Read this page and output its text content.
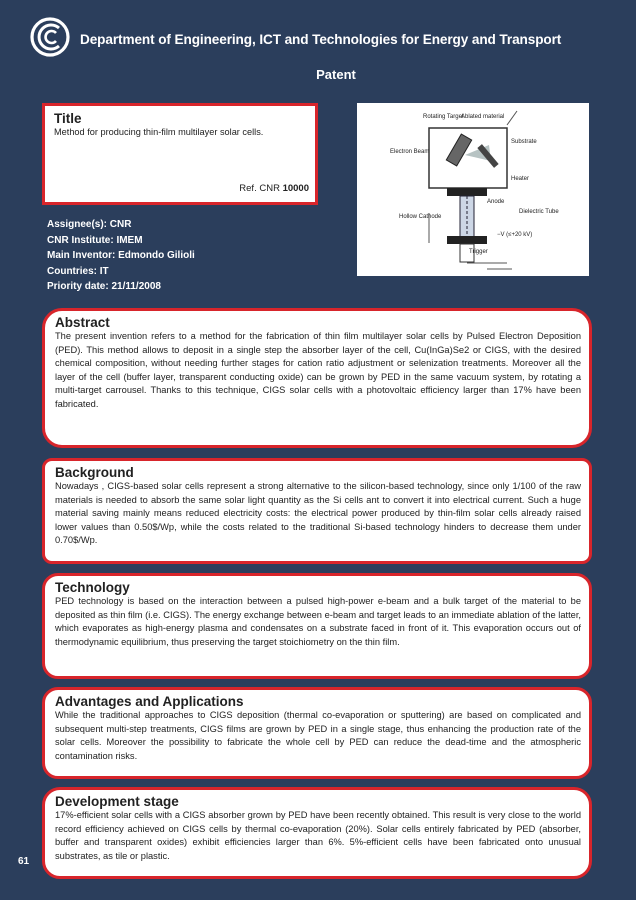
Department of Engineering, ICT and Technologies for Energy and Transport
Patent
Title
Method for producing thin-film multilayer solar cells.
Ref. CNR 10000
Rotating Target
Ablated material
Substrate
Electron Beam
Heater
Anode
Hollow Cathode
Dielectric Tube
−V (≤+20 kV)
Trigger
Assignee(s): CNR
CNR Institute: IMEM
Main Inventor: Edmondo Gilioli
Countries: IT
Priority date: 21/11/2008
Abstract
The present invention refers to a method for the fabrication of thin film multilayer solar cells by Pulsed Electron Deposition (PED). This method allows to deposit in a single step the absorber layer of the cell, Cu(InGa)Se2 or CIGS, with the desired chemical composition, without needing further stages for cation ratio adjustment or selenization treatments. Moreover all the layer of the cell (buffer layer, transparent conducting oxide) can be grown by PED in the same vacuum system, by rotating a multi-target carrousel. Thanks to this technique, CIGS solar cells with a photovoltaic efficiency larger than 17% have been fabricated.
Background
Nowadays , CIGS-based solar cells represent a strong alternative to the silicon-based technology, since only 1/100 of the raw materials is needed to absorb the same solar light quantity as the Si cells ant to convert it into electrical current. Such a huge material saving mainly means reduced electricity costs: the electrical power produced by thin-film solar cells already raised lower values than 0.50$/Wp, while the costs related to the traditional Si-based technology hinders to decrease them under 0.70$/Wp.
Technology
PED technology is based on the interaction between a pulsed high-power e-beam and a bulk target of the material to be deposited as thin film (i.e. CIGS). The energy exchange between e-beam and target leads to an immediate ablation of the latter, which evaporates as high-energy plasma and condensates on a substrate faced in front of it. This evaporation occurs out of thermodynamic equilibrium, thus preserving the target stoichiometry on the thin film.
Advantages and Applications
While the traditional approaches to CIGS deposition (thermal co-evaporation or sputtering) are based on complicated and subsequent multi-step treatments, CIGS films are grown by PED in a single stage, thus enhancing the production rate of the solar cells. Moreover the possibility to fabricate the whole cell by PED can reduce the dead-time and the atmospheric contamination risks.
Development stage
17%-efficient solar cells with a CIGS absorber grown by PED have been recently obtained. This result is very close to the world record efficiency achieved on CIGS cells by thermal co-evaporation (20%). Solar cells entirely fabricated by PED (absorber, buffer and transparent oxides) exhibit efficiencies larger than 6%. 5%-efficient cells have been fabricated onto unusual substrates, as tile or plastic.
61
